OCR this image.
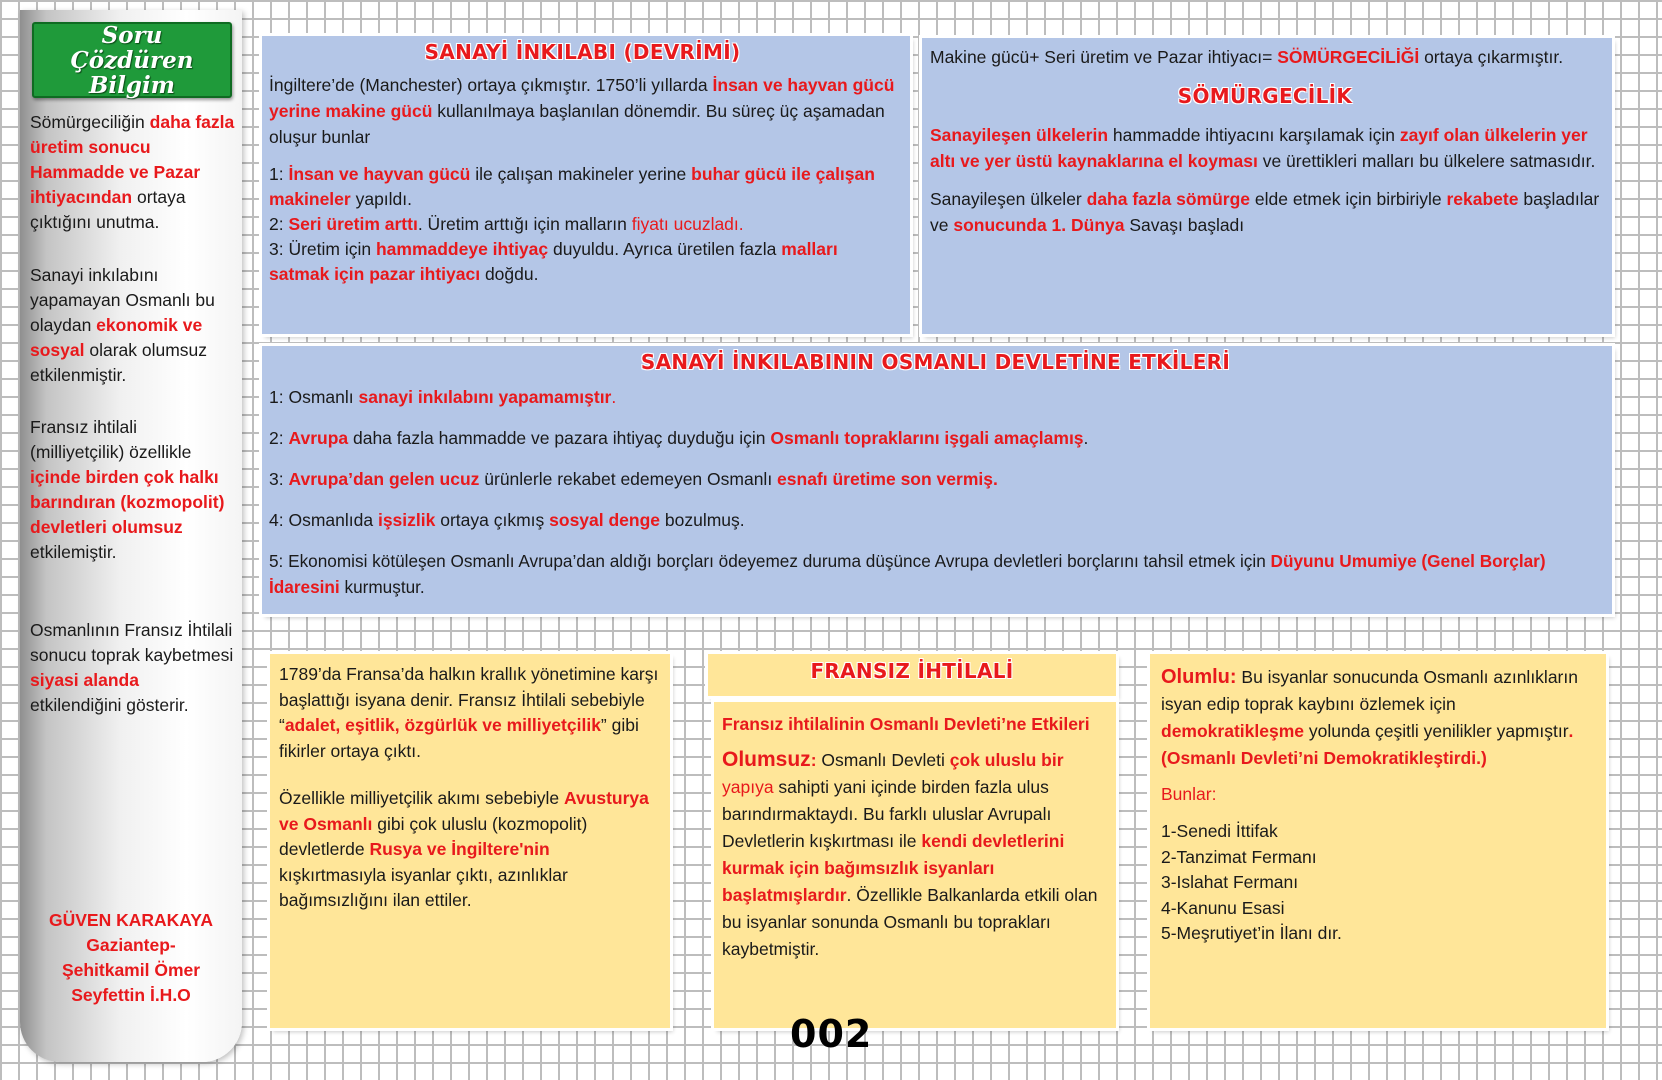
Soru Çözdüren Bilgim

Sömürgeciliğin daha fazla üretim sonucu Hammadde ve Pazar ihtiyacından ortaya çıktığını unutma.

Sanayi inkılabını yapamayan Osmanlı bu olaydan ekonomik ve sosyal olarak olumsuz etkilenmiştir.

Fransız ihtilali (milliyetçilik) özellikle içinde birden çok halkı barındıran (kozmopolit) devletleri olumsuz etkilemiştir.

Osmanlının Fransız İhtilali sonucu toprak kaybetmesi siyasi alanda etkilendiğini gösterir.

GÜVEN KARAKAYA
Gaziantep-
Şehitkamil Ömer
Seyfettin İ.H.O
SANAYİ İNKILABI (DEVRİMİ)

İngiltere’de (Manchester) ortaya çıkmıştır. 1750’li yıllarda İnsan ve hayvan gücü yerine makine gücü kullanılmaya başlanılan dönemdir. Bu süreç üç aşamadan oluşur bunlar

1: İnsan ve hayvan gücü ile çalışan makineler yerine buhar gücü ile çalışan makineler yapıldı.

2: Seri üretim arttı. Üretim arttığı için malların fiyatı ucuzladı.

3: Üretim için hammaddeye ihtiyaç duyuldu. Ayrıca üretilen fazla malları satmak için pazar ihtiyacı doğdu.

Makine gücü+ Seri üretim ve Pazar ihtiyacı= SÖMÜRGECİLİĞİ ortaya çıkarmıştır.

SÖMÜRGECİLİK

Sanayileşen ülkelerin hammadde ihtiyacını karşılamak için zayıf olan ülkelerin yer altı ve yer üstü kaynaklarına el koyması ve ürettikleri malları bu ülkelere satmasıdır.

Sanayileşen ülkeler daha fazla sömürge elde etmek için birbiriyle rekabete başladılar ve sonucunda 1. Dünya Savaşı başladı

SANAYİ İNKILABININ OSMANLI DEVLETİNE ETKİLERİ

1: Osmanlı sanayi inkılabını yapamamıştır.

2: Avrupa daha fazla hammadde ve pazara ihtiyaç duyduğu için Osmanlı topraklarını işgali amaçlamış.

3: Avrupa’dan gelen ucuz ürünlerle rekabet edemeyen Osmanlı esnafı üretime son vermiş.

4: Osmanlıda işsizlik ortaya çıkmış sosyal denge bozulmuş.

5: Ekonomisi kötüleşen Osmanlı Avrupa’dan aldığı borçları ödeyemez duruma düşünce Avrupa devletleri borçlarını tahsil etmek için Düyunu Umumiye (Genel Borçlar) İdaresini kurmuştur.

1789’da Fransa’da halkın krallık yönetimine karşı başlattığı isyana denir. Fransız İhtilali sebebiyle “adalet, eşitlik, özgürlük ve milliyetçilik” gibi fikirler ortaya çıktı.

Özellikle milliyetçilik akımı sebebiyle Avusturya ve Osmanlı gibi çok uluslu (kozmopolit) devletlerde Rusya ve İngiltere'nin kışkırtmasıyla isyanlar çıktı, azınlıklar bağımsızlığını ilan ettiler.

FRANSIZ İHTİLALİ
Fransız ihtilalinin Osmanlı Devleti’ne Etkileri

Olumsuz: Osmanlı Devleti çok uluslu bir yapıya sahipti yani içinde birden fazla ulus barındırmaktaydı. Bu farklı uluslar Avrupalı Devletlerin kışkırtması ile kendi devletlerini kurmak için bağımsızlık isyanları başlatmışlardır. Özellikle Balkanlarda etkili olan bu isyanlar sonunda Osmanlı bu toprakları kaybetmiştir.

Olumlu: Bu isyanlar sonucunda Osmanlı azınlıkların isyan edip toprak kaybını özlemek için demokratikleşme yolunda çeşitli yenilikler yapmıştır. (Osmanlı Devleti’ni Demokratikleştirdi.)

Bunlar:
1-Senedi İttifak
2-Tanzimat Fermanı
3-Islahat Fermanı
4-Kanunu Esasi
5-Meşrutiyet’in İlanı dır.
002
